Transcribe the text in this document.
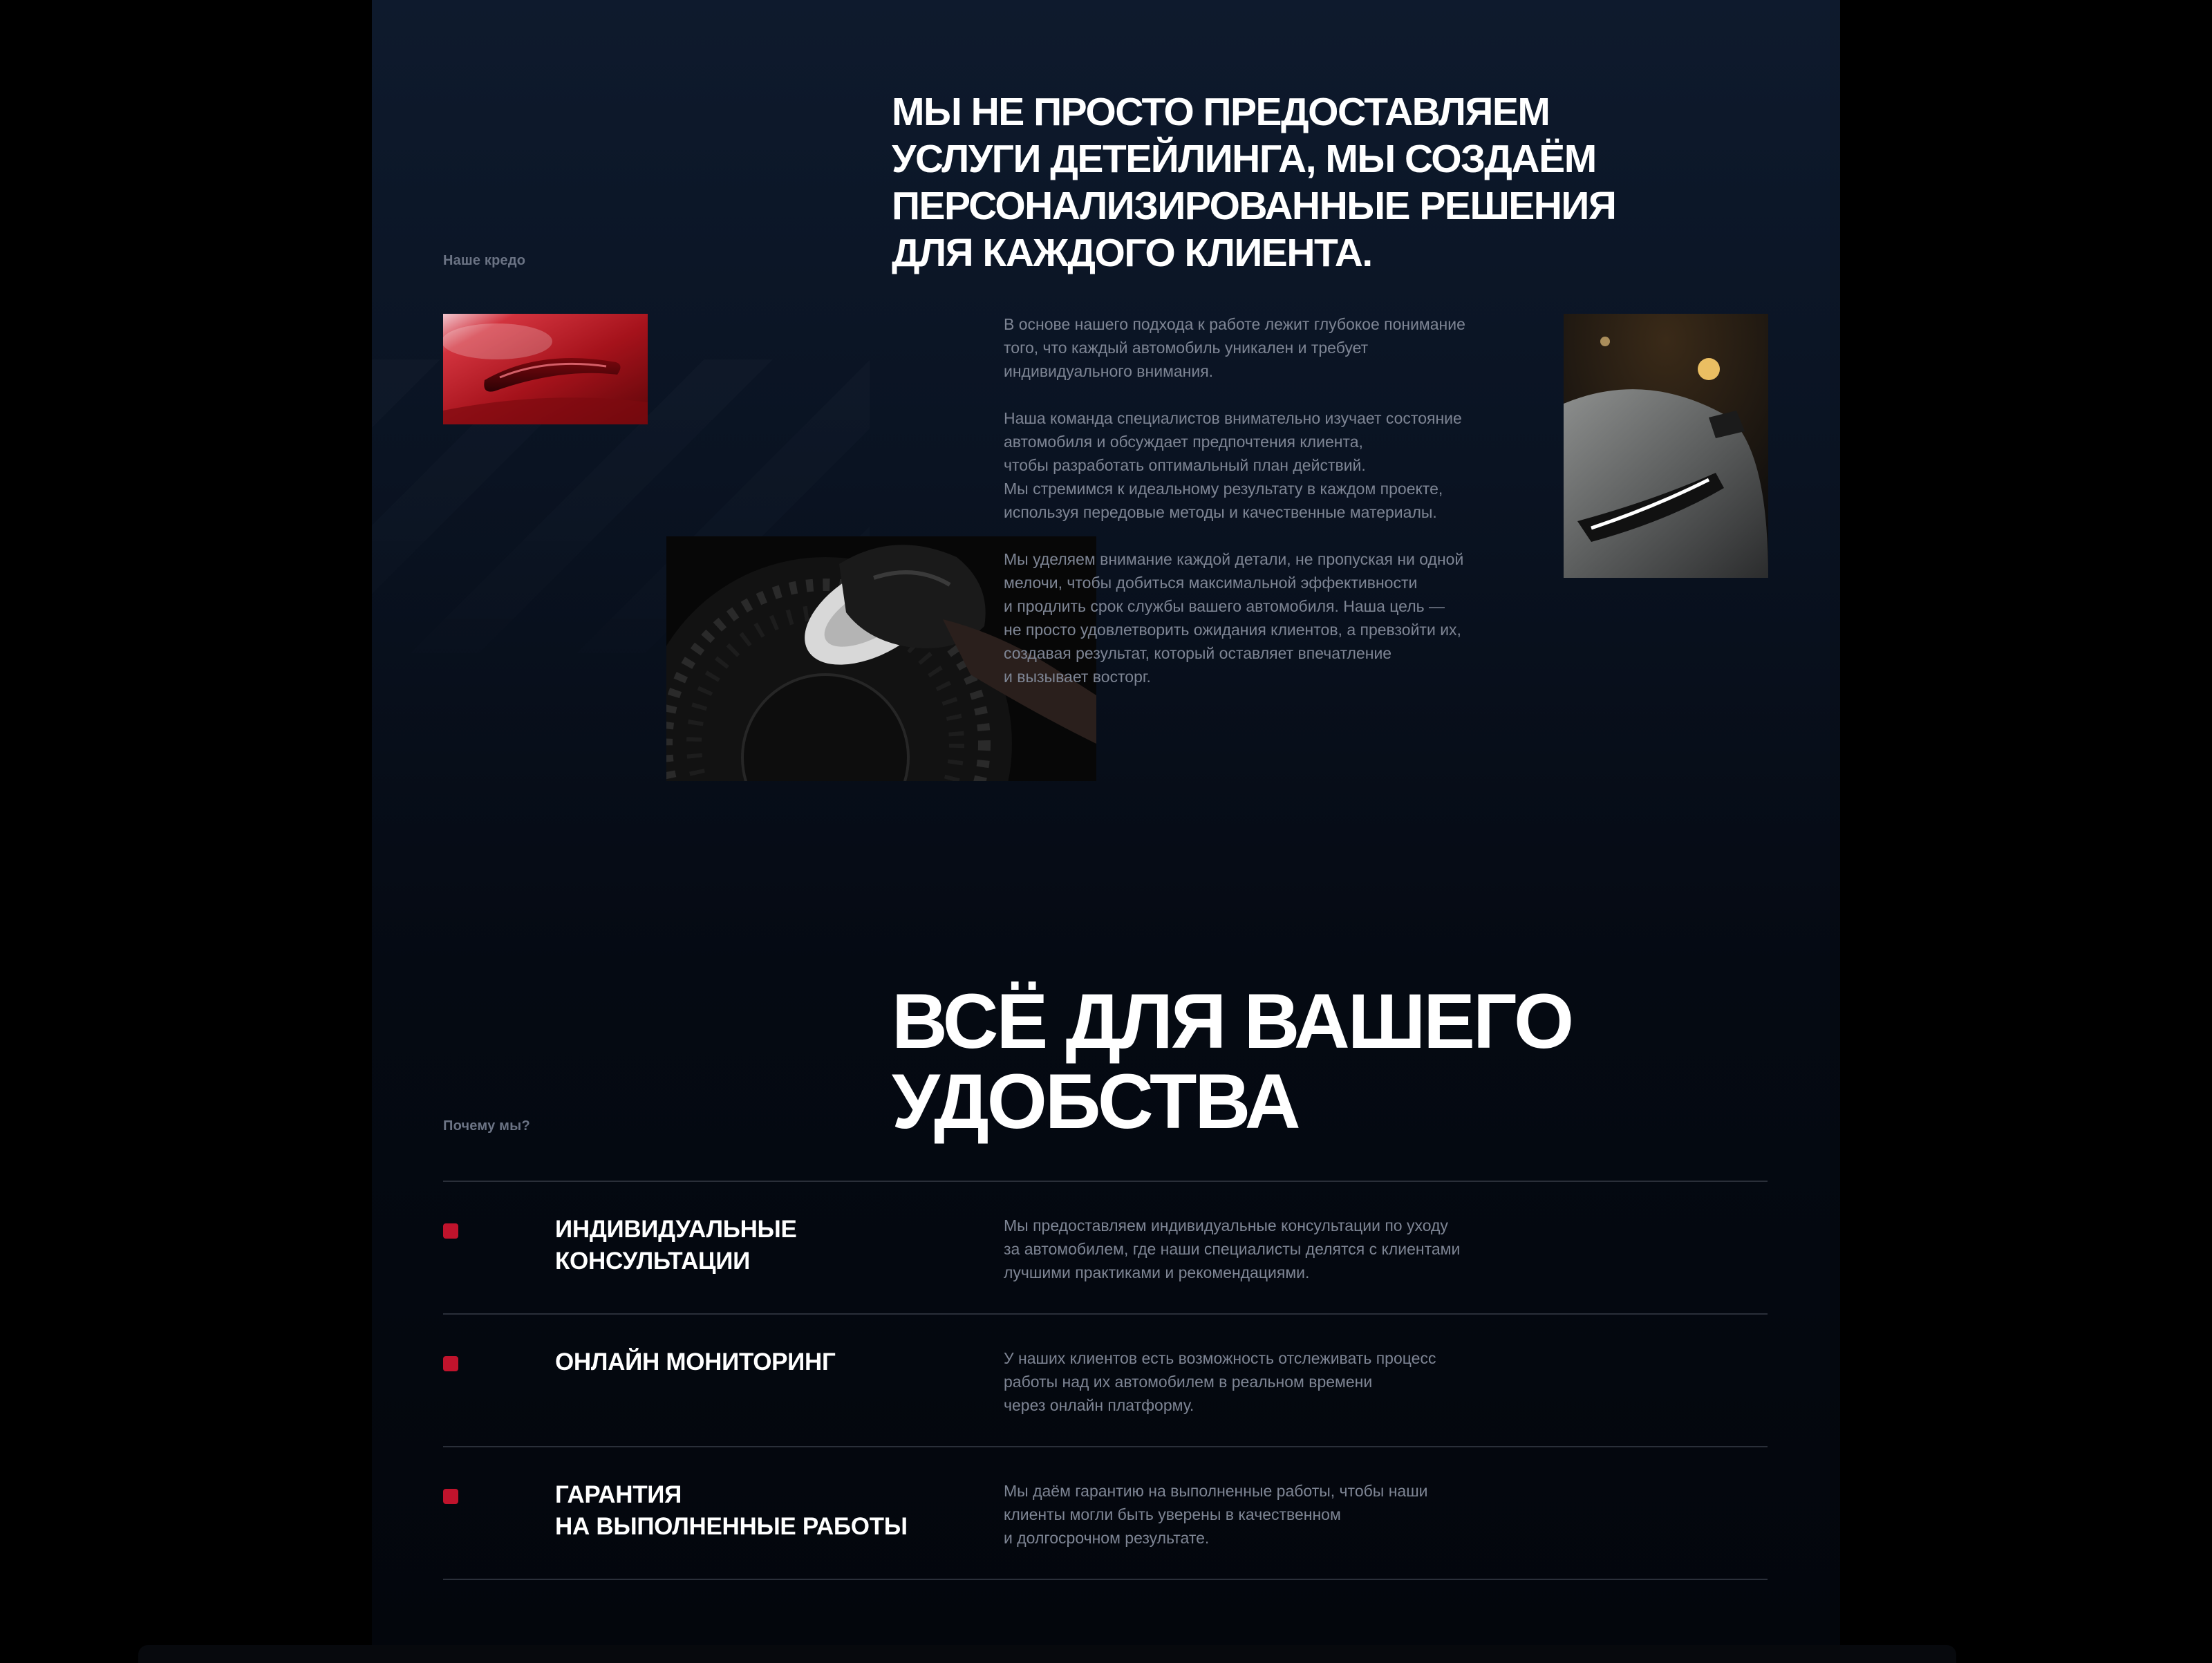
Наше кредо
МЫ НЕ ПРОСТО ПРЕДОСТАВЛЯЕМ УСЛУГИ ДЕТЕЙЛИНГА, МЫ СОЗДАЁМ ПЕРСОНАЛИЗИРОВАННЫЕ РЕШЕНИЯ ДЛЯ КАЖДОГО КЛИЕНТА.

В основе нашего подхода к работе лежит глубокое понимание
того, что каждый автомобиль уникален и требует
индивидуального внимания.

Наша команда специалистов внимательно изучает состояние
автомобиля и обсуждает предпочтения клиента,
чтобы разработать оптимальный план действий.
Мы стремимся к идеальному результату в каждом проекте,
используя передовые методы и качественные материалы.

Мы уделяем внимание каждой детали, не пропуская ни одной
мелочи, чтобы добиться максимальной эффективности
и продлить срок службы вашего автомобиля. Наша цель —
не просто удовлетворить ожидания клиентов, а превзойти их,
создавая результат, который оставляет впечатление
и вызывает восторг.

Почему мы?
ВСЁ ДЛЯ ВАШЕГО
УДОБСТВА
ИНДИВИДУАЛЬНЫЕ
КОНСУЛЬТАЦИИ
Мы предоставляем индивидуальные консультации по уходу
за автомобилем, где наши специалисты делятся с клиентами
лучшими практиками и рекомендациями.
ОНЛАЙН МОНИТОРИНГ	У наших клиентов есть возможность отслеживать процесс
работы над их автомобилем в реальном времени
через онлайн платформу.
ГАРАНТИЯ
НА ВЫПОЛНЕННЫЕ РАБОТЫ
Мы даём гарантию на выполненные работы, чтобы наши
клиенты могли быть уверены в качественном
и долгосрочном результате.
